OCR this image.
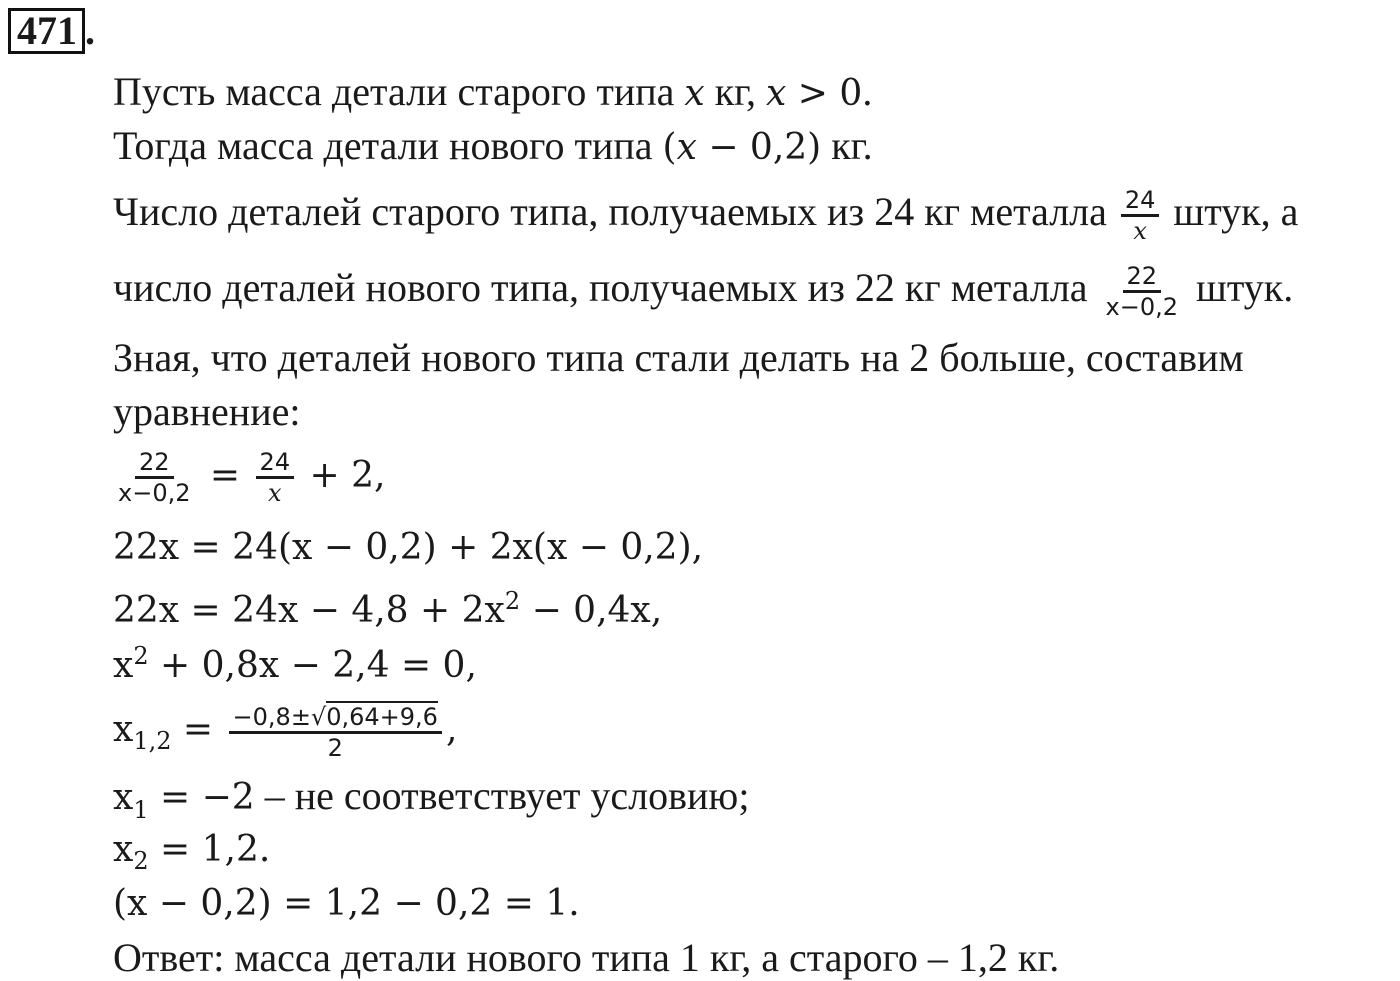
471 .
Пусть масса детали старого типа x кг, x > 0.
Тогда масса детали нового типа (x − 0,2) кг.
Число деталей старого типа, получаемых из 24 кг металла $\frac{24}{x}$ штук, а
число деталей нового типа, получаемых из 22 кг металла $\frac{22}{x-0,2}$ штук.
Зная, что деталей нового типа стали делать на 2 больше, составим
уравнение:
$\frac{22}{x-0,2} = \frac{24}{x} + 2$,
22x = 24(x − 0,2) + 2x(x − 0,2),
$22x = 24x - 4,8 + 2x^2 - 0,4x$,
$x^2 + 0,8x - 2,4 = 0$,
$x_{1,2} = \frac{-0,8\pm√0,64+9,6}{2}$ ,
$x_1 = -2$ – не соответствует условию;
$x_2 = 1,2$.
(x − 0,2) = 1,2 − 0,2 = 1.
Ответ: масса детали нового типа 1 кг, а старого – 1,2 кг.
